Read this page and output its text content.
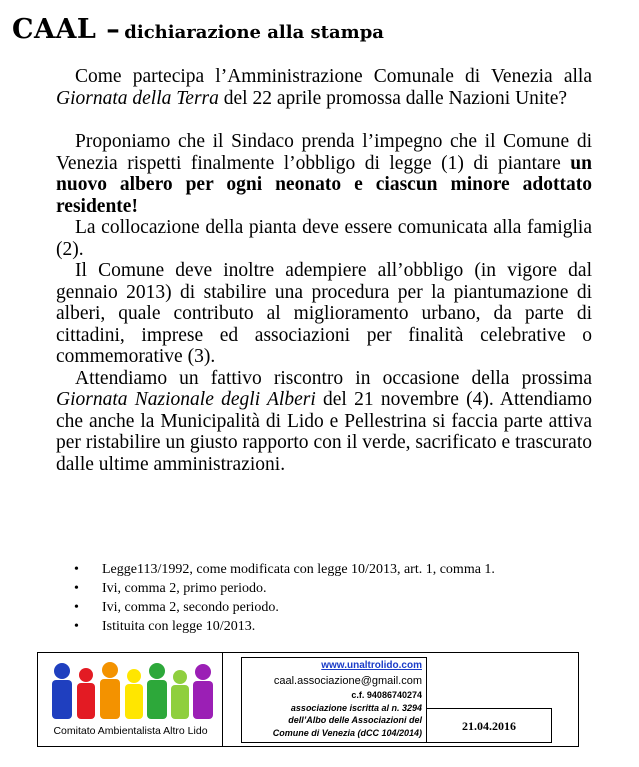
CAAL – dichiarazione alla stampa

Come partecipa l’Amministrazione Comunale di Venezia alla Giornata della Terra del 22 aprile promossa dalle Nazioni Unite?

Proponiamo che il Sindaco prenda l’impegno che il Comune di Venezia rispetti finalmente l’obbligo di legge (1) di piantare un nuovo albero per ogni neonato e ciascun minore adottato residente!

La collocazione della pianta deve essere comunicata alla famiglia (2).

Il Comune deve inoltre adempiere all’obbligo (in vigore dal gennaio 2013) di stabilire una procedura per la piantumazione di alberi, quale contributo al miglioramento urbano, da parte di cittadini, imprese ed associazioni per finalità celebrative o commemorative (3).

Attendiamo un fattivo riscontro in occasione della prossima Giornata Nazionale degli Alberi del 21 novembre (4). Attendiamo che anche la Municipalità di Lido e Pellestrina si faccia parte attiva per ristabilire un giusto rapporto con il verde, sacrificato e trascurato dalle ultime amministrazioni.

• Legge113/1992, come modificata con legge 10/2013, art. 1, comma 1.
• Ivi, comma 2, primo periodo.
• Ivi, comma 2, secondo periodo.
• Istituita con legge 10/2013.
Comitato Ambientalista Altro Lido
www.unaltrolido.com
caal.associazione@gmail.com
c.f. 94086740274
associazione iscritta al n. 3294
dell’Albo delle Associazioni del
Comune di Venezia (dCC 104/2014)	21.04.2016
